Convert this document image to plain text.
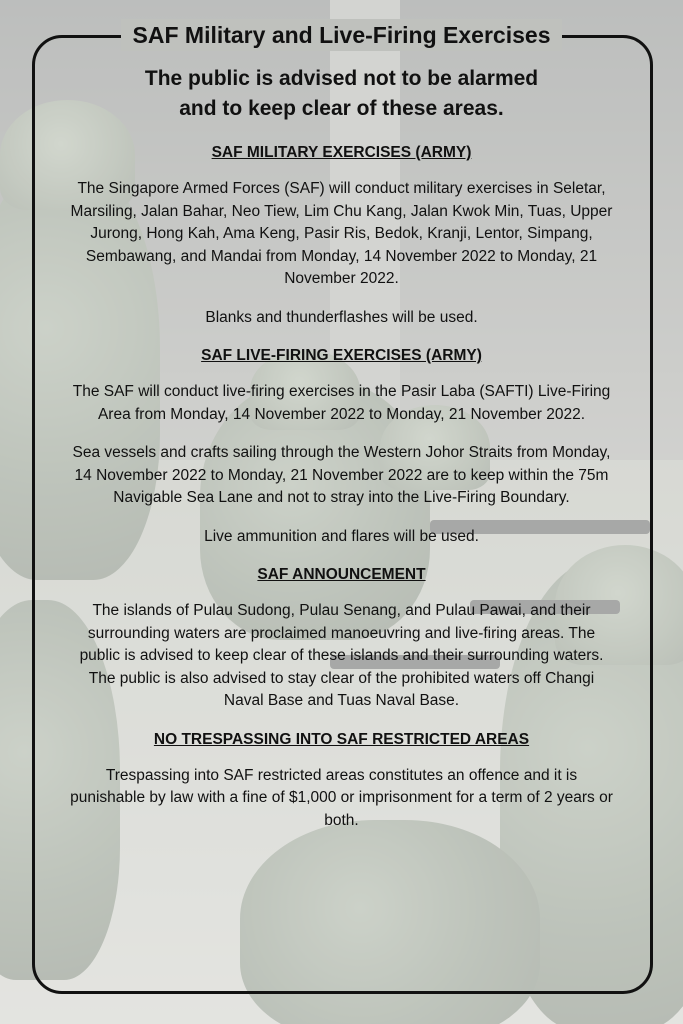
SAF Military and Live-Firing Exercises
The public is advised not to be alarmed
and to keep clear of these areas.
SAF MILITARY EXERCISES (ARMY)

The Singapore Armed Forces (SAF) will conduct military exercises in Seletar, Marsiling, Jalan Bahar, Neo Tiew, Lim Chu Kang, Jalan Kwok Min, Tuas, Upper Jurong, Hong Kah, Ama Keng, Pasir Ris, Bedok, Kranji, Lentor, Simpang, Sembawang, and Mandai from Monday, 14 November 2022 to Monday, 21 November 2022.

Blanks and thunderflashes will be used.

SAF LIVE-FIRING EXERCISES (ARMY)

The SAF will conduct live-firing exercises in the Pasir Laba (SAFTI) Live-Firing Area from Monday, 14 November 2022 to Monday, 21 November 2022.

Sea vessels and crafts sailing through the Western Johor Straits from Monday, 14 November 2022 to Monday, 21 November 2022 are to keep within the 75m Navigable Sea Lane and not to stray into the Live-Firing Boundary.

Live ammunition and flares will be used.

SAF ANNOUNCEMENT

The islands of Pulau Sudong, Pulau Senang, and Pulau Pawai, and their surrounding waters are proclaimed manoeuvring and live-firing areas. The public is advised to keep clear of these islands and their surrounding waters. The public is also advised to stay clear of the prohibited waters off Changi Naval Base and Tuas Naval Base.

NO TRESPASSING INTO SAF RESTRICTED AREAS

Trespassing into SAF restricted areas constitutes an offence and it is punishable by law with a fine of $1,000 or imprisonment for a term of 2 years or both.
